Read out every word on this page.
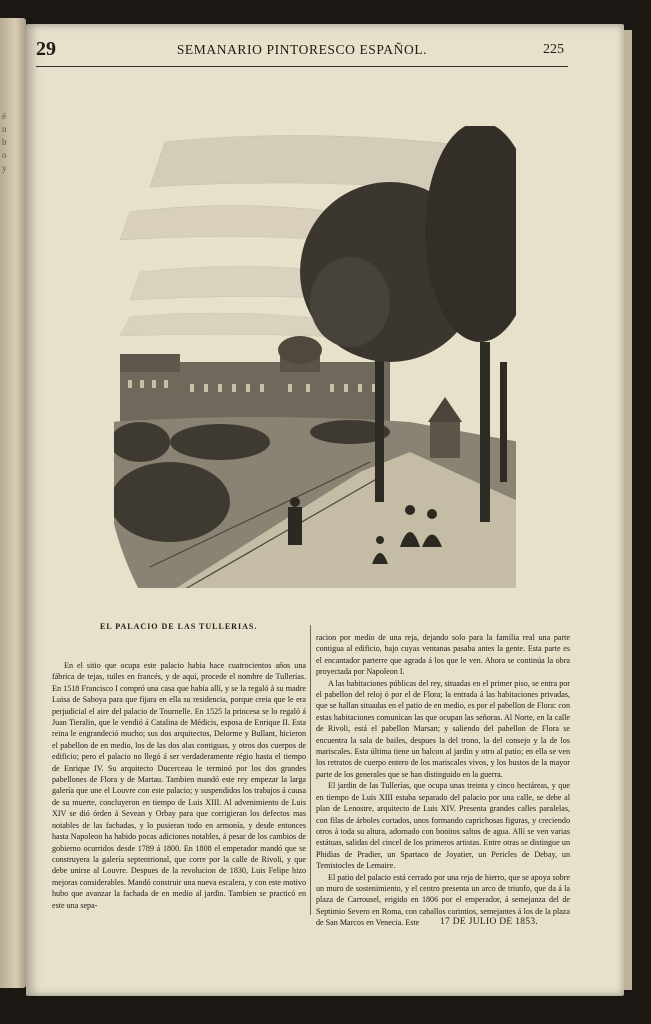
é
n
b
o
y
29	SEMANARIO PINTORESCO ESPAÑOL.	225
EL PALACIO DE LAS TULLERIAS.

En el sitio que ocupa este palacio habia hace cuatrocientos años una fábrica de tejas, tuiles en francés, y de aquí, procede el nombre de Tullerías. En 1518 Francisco I compró una casa que habia allí, y se la regaló á su madre Luisa de Saboya para que fijara en ella su residencia, porque creia que le era perjudicial el aire del palacio de Tournelle. En 1525 la princesa se lo regaló á Juan Tieralin, que le vendió á Catalina de Médicis, esposa de Enrique II. Esta reina le engrandeció mucho; sus dos arquitectos, Delorme y Bullant, hicieron el pabellon de en medio, los de las dos alas contiguas, y otros dos cuerpos de edificio; pero el palacio no llegó á ser verdaderamente régio hasta el tiempo de Enrique IV. Su arquitecto Ducerceau le terminó por los dos grandes pabellones de Flora y de Martau. Tambien mandó este rey empezar la larga galería que une el Louvre con este palacio; y suspendidos los trabajos á causa de su muerte, concluyeron en tiempo de Luis XIII. Al advenimiento de Luis XIV se dió órden á Sevean y Orbay para que corrigieran los defectos mas notables de las fachadas, y lo pusieran todo en armonía, y desde entonces hasta Napoleon ha habido pocas adiciones notables, á pesar de los cambios de gobierno ocurridos desde 1789 á 1800. En 1808 el emperador mandó que se construyera la galería septentrional, que corre por la calle de Rivoli, y que debe unirse al Louvre. Despues de la revolucion de 1830, Luis Felipe hizo mejoras considerables. Mandó construir una nueva escalera, y con este motivo hubo que avanzar la fachada de en medio al jardin. Tambien se practicó en este una sepa-

racion por medio de una reja, dejando solo para la familia real una parte contigua al edificio, bajo cuyas ventanas pasaba antes la gente. Esta parte es el encantador parterre que agrada á los que le ven. Ahora se continúa la obra proyectada por Napoleon I.

A las habitaciones públicas del rey, situadas en el primer piso, se entra por el pabellon del reloj ó por el de Flora; la entrada á las habitaciones privadas, que se hallan situadas en el patio de en medio, es por el pabellon de Flora: con estas habitaciones comunican las que ocupan las señoras. Al Norte, en la calle de Rivoli, está el pabellon Marsan; y saliendo del pabellon de Flora se encuentra la sala de bailes, despues la del trono, la del consejo y la de los mariscales. Esta última tiene un balcon al jardin y otro al patio; en ella se ven los retratos de cuerpo entero de los mariscales vivos, y los bustos de la mayor parte de los generales que se han distinguido en la guerra.

El jardin de las Tullerías, que ocupa unas treinta y cinco hectáreas, y que en tiempo de Luis XIII estaba separado del palacio por una calle, se debe al plan de Lenostre, arquitecto de Luis XIV. Presenta grandes calles paralelas, con filas de árboles cortados, unos formando caprichosas figuras, y creciendo otros á toda su altura, adornado con bonitos saltos de agua. Allí se ven varias estátuas, salidas del cincel de los primeros artistas. Entre otras se distingue un Phidias de Pradier, un Spartaco de Joyatier, un Pericles de Debay, un Temistocles de Lemaire.

El patio del palacio está cerrado por una reja de hierro, que se apoya sobre un muro de sostenimiento, y el centro presenta un arco de triunfo, que da á la plaza de Carrousel, erigido en 1806 por el emperador, á semejanza del de Septimio Severo en Roma, con caballos corintios, semejantes á los de la plaza de San Marcos en Venecia. Este	17 DE JULIO DE 1853.
